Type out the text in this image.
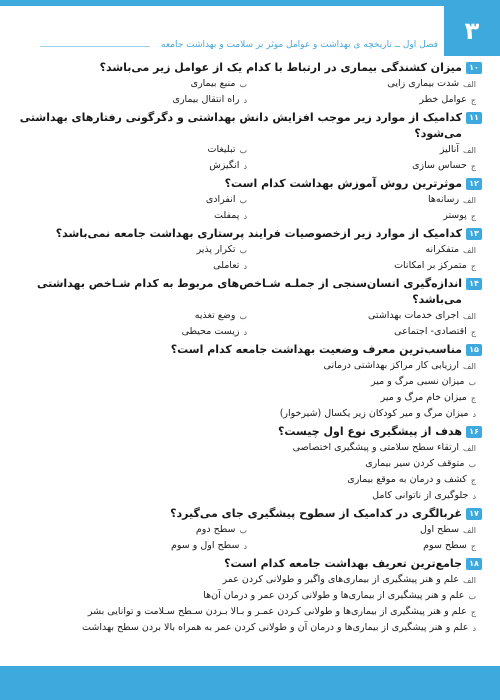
۳
فصل اول ــ تاریخچه ی بهداشت و عوامل موثر بر سلامت و بهداشت جامعه
۱۰
میزان کشندگی بیماری در ارتباط با کدام یک از عوامل زیر می‌باشد؟
الف
شدت بیماری زایی
ب
منبع بیماری
ج
عوامل خطر
د
راه انتقال بیماری
۱۱
کدامیک از موارد زیر موجب افزایش دانش بهداشتی و دگرگونی رفتارهای بهداشتی می‌شود؟
الف
آنالیز
ب
تبلیغات
ج
حساس سازی
د
انگیزش
۱۲
موثرترین روش آموزش بهداشت کدام است؟
الف
رسانه‌ها
ب
انفرادی
ج
پوستر
د
پمفلت
۱۳
کدامیک از موارد زیر ازخصوصیات فرایند پرستاری بهداشت جامعه نمی‌باشد؟
الف
متفکرانه
ب
تکرار پذیر
ج
متمرکز بر امکانات
د
تعاملی
۱۴
اندازه‌گیری انسان‌سنجی از جملـه شـاخص‌های مربوط به کدام شـاخص بهداشتی می‌باشد؟
الف
اجرای خدمات بهداشتی
ب
وضع تغذیه
ج
اقتصادی- اجتماعی
د
زیست محیطی
۱۵
مناسب‌ترین معرف وضعیت بهداشت جامعه کدام است؟
الف
ارزیابی کار مراکز بهداشتی درمانی
ب
میزان نسبی مرگ و میر
ج
میزان خام مرگ و میر
د
میزان مرگ و میر کودکان زیر یکسال (شیرخوار)
۱۶
هدف از پیشگیری نوع اول چیست؟
الف
ارتقاء سطح سلامتی و پیشگیری اختصاصی
ب
متوقف کردن سیر بیماری
ج
کشف و درمان به موقع بیماری
د
جلوگیری از ناتوانی کامل
۱۷
غربالگری در کدامیک از سطوح پیشگیری جای می‌گیرد؟
الف
سطح اول
ب
سطح دوم
ج
سطح سوم
د
سطح اول و سوم
۱۸
جامع‌ترین تعریف بهداشت جامعه کدام است؟
الف
علم و هنر پیشگیری از بیماری‌های واگیر و طولانی کردن عمر
ب
علم و هنر پیشگیری از بیماری‌ها و طولانی کردن عمر و درمان آن‌ها
ج
علم و هنر پیشگیری از بیماری‌ها و طولانی کـردن عمـر و بـالا بـردن سـطح سـلامت و توانایی بشر
د
علم و هنر پیشگیری از بیماری‌ها و درمان آن و طولانی کردن عمر به همراه بالا بردن سطح بهداشت
